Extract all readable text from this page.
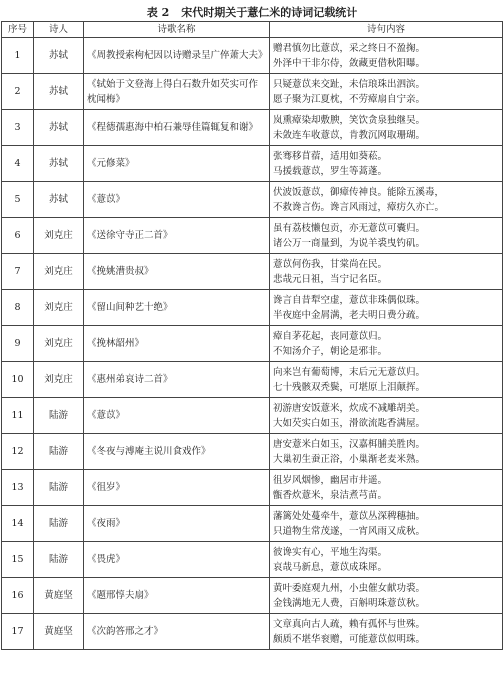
表 2 宋代时期关于薏仁米的诗词记载统计
序号	诗人	诗歌名称	诗句内容
1	苏轼	《周教授索枸杞因以诗赠录呈广倅萧大夫》	赠君慎勿比薏苡，采之终日不盈掬。
外泽中干非尔侍，敛藏更借秋阳曝。

2	苏轼	《轼始于文登海上得白石数升如芡实可作枕闻梅》	只疑薏苡来交趾，未信琅珠出泗滨。
愿子聚为江夏枕，不劳瘴扇自宁亲。

3	苏轼	《程德孺惠海中柏石兼辱佳篇辄复和谢》	岚熏瘴染却敷腴，笑饮贪泉独继吴。
未敛连车收薏苡，肯教沉网取珊瑚。

4	苏轼	《元修菜》	张骞移苜蓿，适用如葵菘。
马援载薏苡，罗生等蒿蓬。

5	苏轼	《薏苡》	伏波饭薏苡，御瘴传神良。能除五溪毒，
不救谗言伤。谗言风雨过，瘴疠久亦亡。

6	刘克庄	《送徐守寺正二首》	虽有荔枝懒包贡，亦无薏苡可囊归。
诸公万一商量到，为说羊裘曳钓矶。

7	刘克庄	《挽姚漕贵叔》	薏苡何伤我，甘棠尚在民。
悲哉元日祖，当宁记名臣。

8	刘克庄	《留山间种艺十绝》	谗言自昔犁空虚，薏苡非珠偶似珠。
半夜庭中金屑满，老夫明日费分疏。

9	刘克庄	《挽林韶州》	瘴自茅花起，丧同薏苡归。
不知汤介子，朝论是邪非。

10	刘克庄	《惠州弟哀诗二首》	向来岂有葡萄博，末后元无薏苡归。
七十残骸双秃鬓，可堪原上泪颠挥。

11	陆游	《薏苡》	初游唐安饭薏米，炊成不减雕胡美。
大如芡实白如玉，滑欲流匙香满屋。

12	陆游	《冬夜与溥庵主说川食戏作》	唐安薏米白如玉，汉嘉栮脯美胜肉。
大巢初生蚕正浴，小巢渐老麦米熟。

13	陆游	《徂岁》	徂岁风烟惨，幽居市井遥。
甑香炊薏米，泉洁煮芎苗。

14	陆游	《夜雨》	藩篱处处蔓牵牛，薏苡丛深稗穗抽。
只道物生常茂遂，一宵风雨又成秋。

15	陆游	《畏虎》	彼谗实有心，平地生沟渠。
哀哉马新息，薏苡成珠犀。

16	黄庭坚	《题邢惇夫扇》	黄叶委庭观九州，小虫催女献功裘。
金钱满地无人费，百斛明珠薏苡秋。

17	黄庭坚	《次韵答邢之才》	文章真向古人疏，赖有孤怀与世殊。
颇质不堪华衮赠，可能薏苡似明珠。
